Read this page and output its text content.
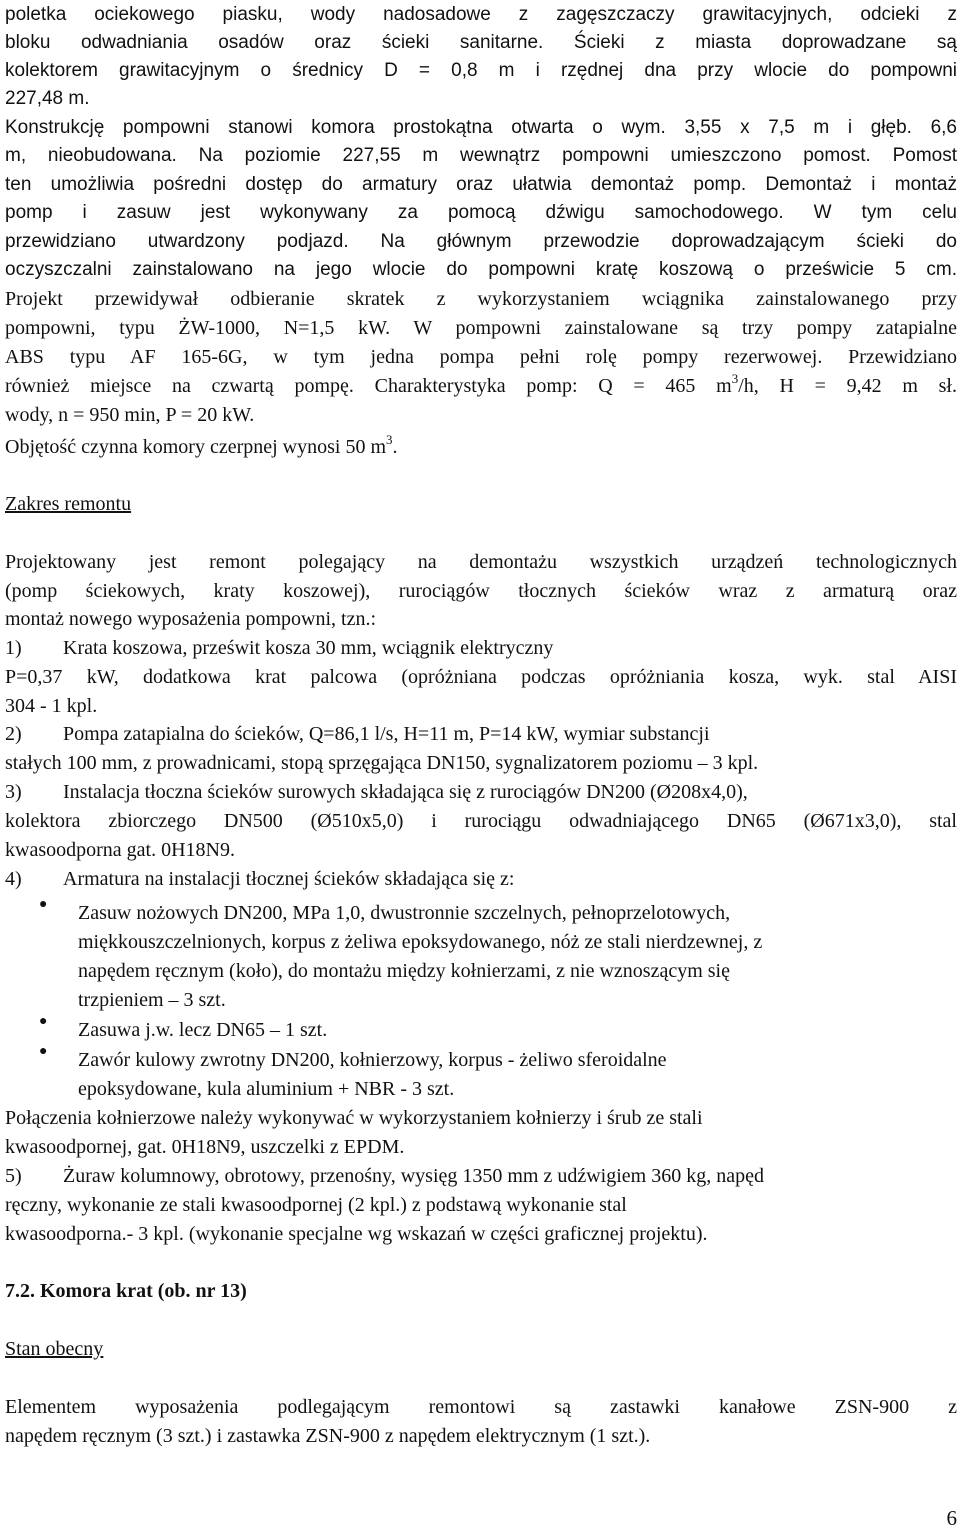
poletka ociekowego piasku, wody nadosadowe z zagęszczaczy grawitacyjnych, odcieki z
bloku odwadniania osadów oraz ścieki sanitarne. Ścieki z miasta doprowadzane są
kolektorem grawitacyjnym o średnicy D = 0,8 m i rzędnej dna przy wlocie do pompowni
227,48 m.
Konstrukcję pompowni stanowi komora prostokątna otwarta o wym. 3,55 x 7,5 m i głęb. 6,6
m, nieobudowana. Na poziomie 227,55 m wewnątrz pompowni umieszczono pomost. Pomost
ten umożliwia pośredni dostęp do armatury oraz ułatwia demontaż pomp. Demontaż i montaż
pomp i zasuw jest wykonywany za pomocą dźwigu samochodowego. W tym celu
przewidziano utwardzony podjazd. Na głównym przewodzie doprowadzającym ścieki do
oczyszczalni zainstalowano na jego wlocie do pompowni kratę koszową o prześwicie 5 cm.
Projekt przewidywał odbieranie skratek z wykorzystaniem wciągnika zainstalowanego przy
pompowni, typu ŻW-1000, N=1,5 kW. W pompowni zainstalowane są trzy pompy zatapialne
ABS typu AF 165-6G, w tym jedna pompa pełni rolę pompy rezerwowej. Przewidziano
również miejsce na czwartą pompę. Charakterystyka pomp: Q = 465 $m^3/h$, H = 9,42 m sł.
wody, n = 950 min, P = 20 kW.
Objętość czynna komory czerpnej wynosi 50 $m^3$.
Zakres remontu
Projektowany jest remont polegający na demontażu wszystkich urządzeń technologicznych
(pomp ściekowych, kraty koszowej), rurociągów tłocznych ścieków wraz z armaturą oraz
montaż nowego wyposażenia pompowni, tzn.:
1) Krata koszowa, prześwit kosza 30 mm, wciągnik elektryczny
P=0,37 kW, dodatkowa krat palcowa (opróżniana podczas opróżniania kosza, wyk. stal AISI
304 - 1 kpl.
2) Pompa zatapialna do ścieków, Q=86,1 l/s, H=11 m, P=14 kW, wymiar substancji
stałych 100 mm, z prowadnicami, stopą sprzęgająca DN150, sygnalizatorem poziomu – 3 kpl.
3) Instalacja tłoczna ścieków surowych składająca się z rurociągów DN200 (Ø208x4,0),
kolektora zbiorczego DN500 (Ø510x5,0) i rurociągu odwadniającego DN65 (Ø671x3,0), stal
kwasoodporna gat. 0H18N9.
4) Armatura na instalacji tłocznej ścieków składająca się z:
● Zasuw nożowych DN200, MPa 1,0, dwustronnie szczelnych, pełnoprzelotowych,
miękkouszczelnionych, korpus z żeliwa epoksydowanego, nóż ze stali nierdzewnej, z
napędem ręcznym (koło), do montażu między kołnierzami, z nie wznoszącym się
trzpieniem – 3 szt.
● Zasuwa j.w. lecz DN65 – 1 szt.
● Zawór kulowy zwrotny DN200, kołnierzowy, korpus - żeliwo sferoidalne
epoksydowane, kula aluminium + NBR - 3 szt.
Połączenia kołnierzowe należy wykonywać w wykorzystaniem kołnierzy i śrub ze stali
kwasoodpornej, gat. 0H18N9, uszczelki z EPDM.
5) Żuraw kolumnowy, obrotowy, przenośny, wysięg 1350 mm z udźwigiem 360 kg, napęd
ręczny, wykonanie ze stali kwasoodpornej (2 kpl.) z podstawą wykonanie stal
kwasoodporna.- 3 kpl. (wykonanie specjalne wg wskazań w części graficznej projektu).
7.2. Komora krat (ob. nr 13)
Stan obecny
Elementem wyposażenia podlegającym remontowi są zastawki kanałowe ZSN-900 z
napędem ręcznym (3 szt.) i zastawka ZSN-900 z napędem elektrycznym (1 szt.).
6
